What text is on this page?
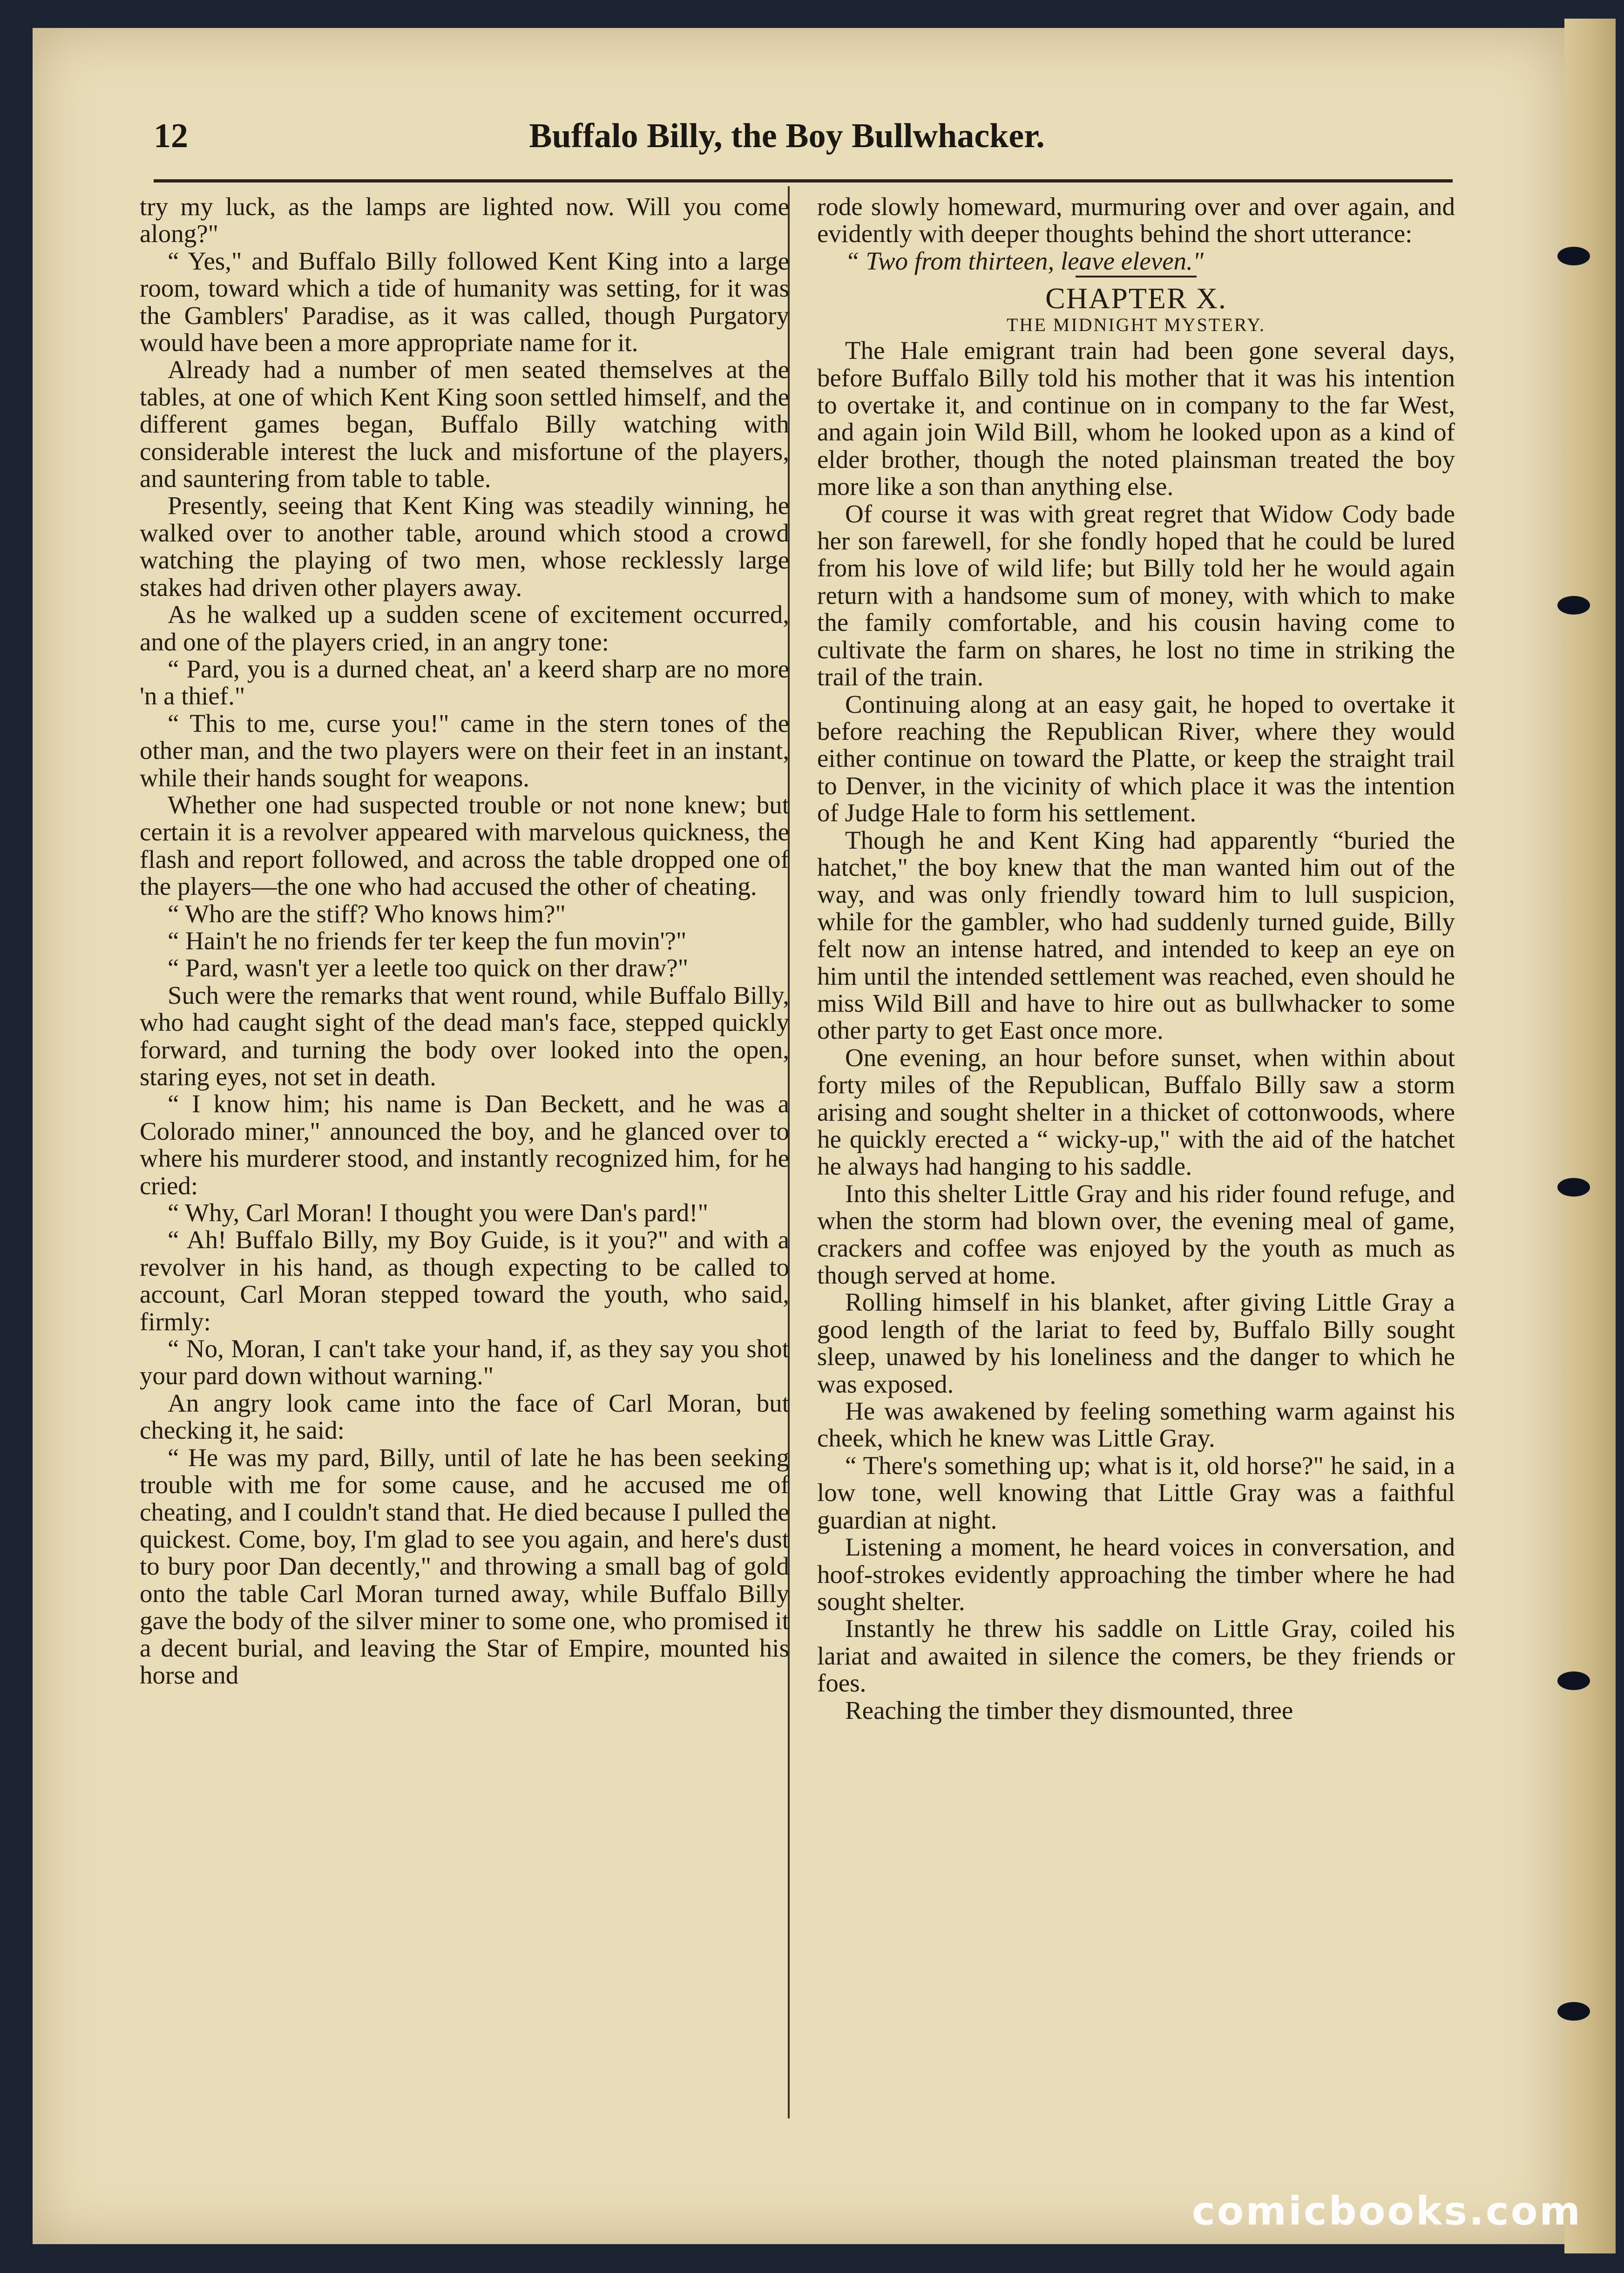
12	Buffalo Billy, the Boy Bullwhacker.

try my luck, as the lamps are lighted now. Will you come along?"

“ Yes," and Buffalo Billy followed Kent King into a large room, toward which a tide of humanity was setting, for it was the Gamblers' Paradise, as it was called, though Purgatory would have been a more appropriate name for it.

Already had a number of men seated themselves at the tables, at one of which Kent King soon settled himself, and the different games began, Buffalo Billy watching with considerable interest the luck and misfortune of the players, and sauntering from table to table.

Presently, seeing that Kent King was steadily winning, he walked over to another table, around which stood a crowd watching the playing of two men, whose recklessly large stakes had driven other players away.

As he walked up a sudden scene of excitement occurred, and one of the players cried, in an angry tone:

“ Pard, you is a durned cheat, an' a keerd sharp are no more 'n a thief."

“ This to me, curse you!" came in the stern tones of the other man, and the two players were on their feet in an instant, while their hands sought for weapons.

Whether one had suspected trouble or not none knew; but certain it is a revolver appeared with marvelous quickness, the flash and report followed, and across the table dropped one of the players—the one who had accused the other of cheating.

“ Who are the stiff? Who knows him?"

“ Hain't he no friends fer ter keep the fun movin'?"

“ Pard, wasn't yer a leetle too quick on ther draw?"

Such were the remarks that went round, while Buffalo Billy, who had caught sight of the dead man's face, stepped quickly forward, and turning the body over looked into the open, staring eyes, not set in death.

“ I know him; his name is Dan Beckett, and he was a Colorado miner," announced the boy, and he glanced over to where his murderer stood, and instantly recognized him, for he cried:

“ Why, Carl Moran! I thought you were Dan's pard!"

“ Ah! Buffalo Billy, my Boy Guide, is it you?" and with a revolver in his hand, as though expecting to be called to account, Carl Moran stepped toward the youth, who said, firmly:

“ No, Moran, I can't take your hand, if, as they say you shot your pard down without warning."

An angry look came into the face of Carl Moran, but checking it, he said:

“ He was my pard, Billy, until of late he has been seeking trouble with me for some cause, and he accused me of cheating, and I couldn't stand that. He died because I pulled the quickest. Come, boy, I'm glad to see you again, and here's dust to bury poor Dan decently," and throwing a small bag of gold onto the table Carl Moran turned away, while Buffalo Billy gave the body of the silver miner to some one, who promised it a decent burial, and leaving the Star of Empire, mounted his horse and

rode slowly homeward, murmuring over and over again, and evidently with deeper thoughts behind the short utterance:

“ Two from thirteen, leave eleven."

CHAPTER X.
THE MIDNIGHT MYSTERY.

The Hale emigrant train had been gone several days, before Buffalo Billy told his mother that it was his intention to overtake it, and continue on in company to the far West, and again join Wild Bill, whom he looked upon as a kind of elder brother, though the noted plainsman treated the boy more like a son than anything else.

Of course it was with great regret that Widow Cody bade her son farewell, for she fondly hoped that he could be lured from his love of wild life; but Billy told her he would again return with a handsome sum of money, with which to make the family comfortable, and his cousin having come to cultivate the farm on shares, he lost no time in striking the trail of the train.

Continuing along at an easy gait, he hoped to overtake it before reaching the Republican River, where they would either continue on toward the Platte, or keep the straight trail to Denver, in the vicinity of which place it was the intention of Judge Hale to form his settlement.

Though he and Kent King had apparently “buried the hatchet," the boy knew that the man wanted him out of the way, and was only friendly toward him to lull suspicion, while for the gambler, who had suddenly turned guide, Billy felt now an intense hatred, and intended to keep an eye on him until the intended settlement was reached, even should he miss Wild Bill and have to hire out as bullwhacker to some other party to get East once more.

One evening, an hour before sunset, when within about forty miles of the Republican, Buffalo Billy saw a storm arising and sought shelter in a thicket of cottonwoods, where he quickly erected a “ wicky-up," with the aid of the hatchet he always had hanging to his saddle.

Into this shelter Little Gray and his rider found refuge, and when the storm had blown over, the evening meal of game, crackers and coffee was enjoyed by the youth as much as though served at home.

Rolling himself in his blanket, after giving Little Gray a good length of the lariat to feed by, Buffalo Billy sought sleep, unawed by his loneliness and the danger to which he was exposed.

He was awakened by feeling something warm against his cheek, which he knew was Little Gray.

“ There's something up; what is it, old horse?" he said, in a low tone, well knowing that Little Gray was a faithful guardian at night.

Listening a moment, he heard voices in conversation, and hoof-strokes evidently approaching the timber where he had sought shelter.

Instantly he threw his saddle on Little Gray, coiled his lariat and awaited in silence the comers, be they friends or foes.

Reaching the timber they dismounted, three

comicbooks.com
